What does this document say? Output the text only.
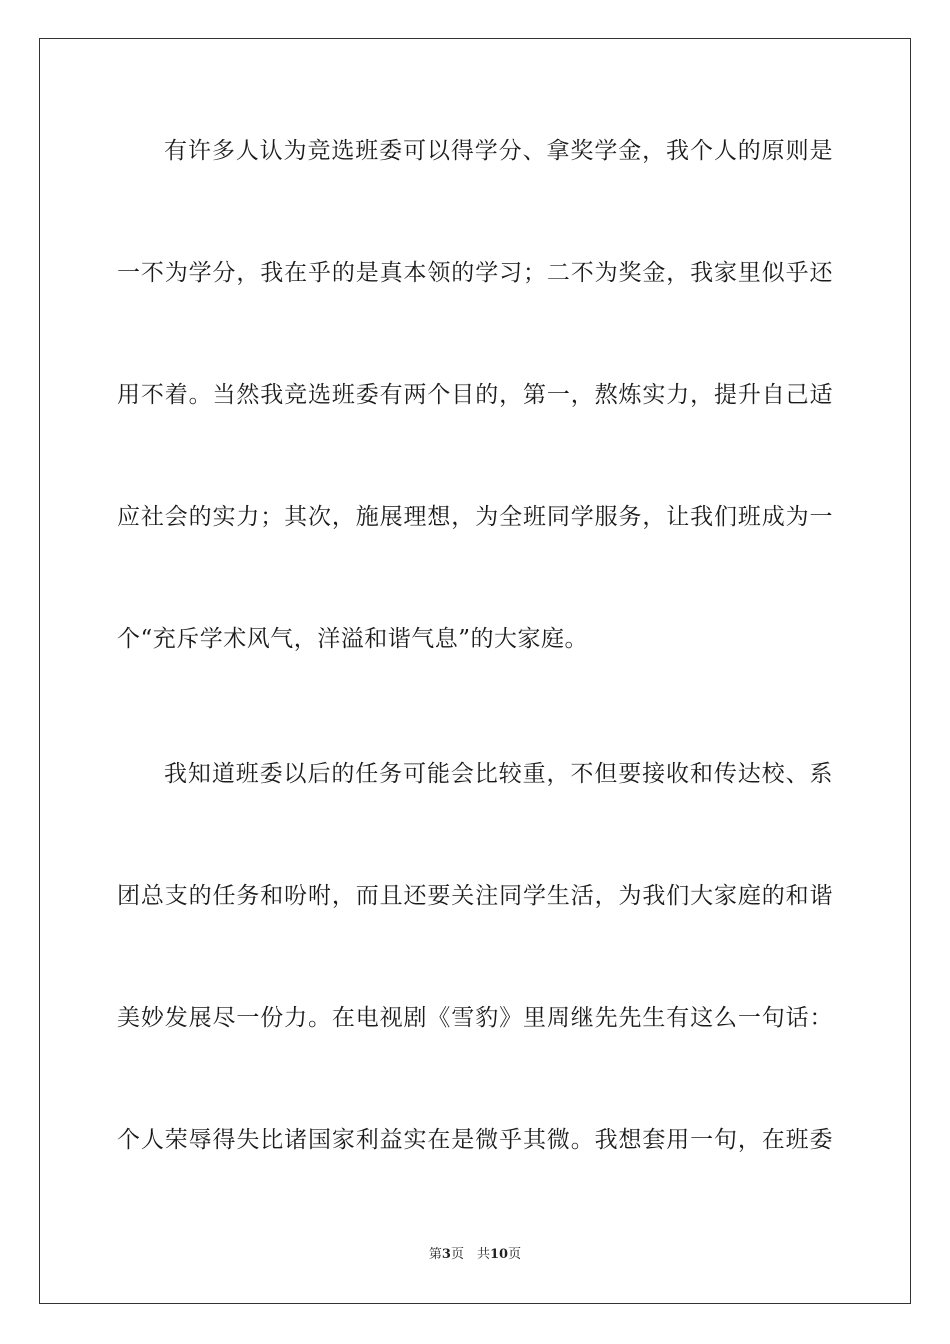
有许多人认为竞选班委可以得学分、拿奖学金，我个人的原则是
一不为学分，我在乎的是真本领的学习；二不为奖金，我家里似乎还
用不着。当然我竞选班委有两个目的，第一，熬炼实力，提升自己适
应社会的实力；其次，施展理想，为全班同学服务，让我们班成为一
个“充斥学术风气，洋溢和谐气息”的大家庭。
我知道班委以后的任务可能会比较重，不但要接收和传达校、系
团总支的任务和吩咐，而且还要关注同学生活，为我们大家庭的和谐
美妙发展尽一份力。在电视剧《雪豹》里周继先先生有这么一句话：
个人荣辱得失比诸国家利益实在是微乎其微。我想套用一句，在班委
第3页　共10页
